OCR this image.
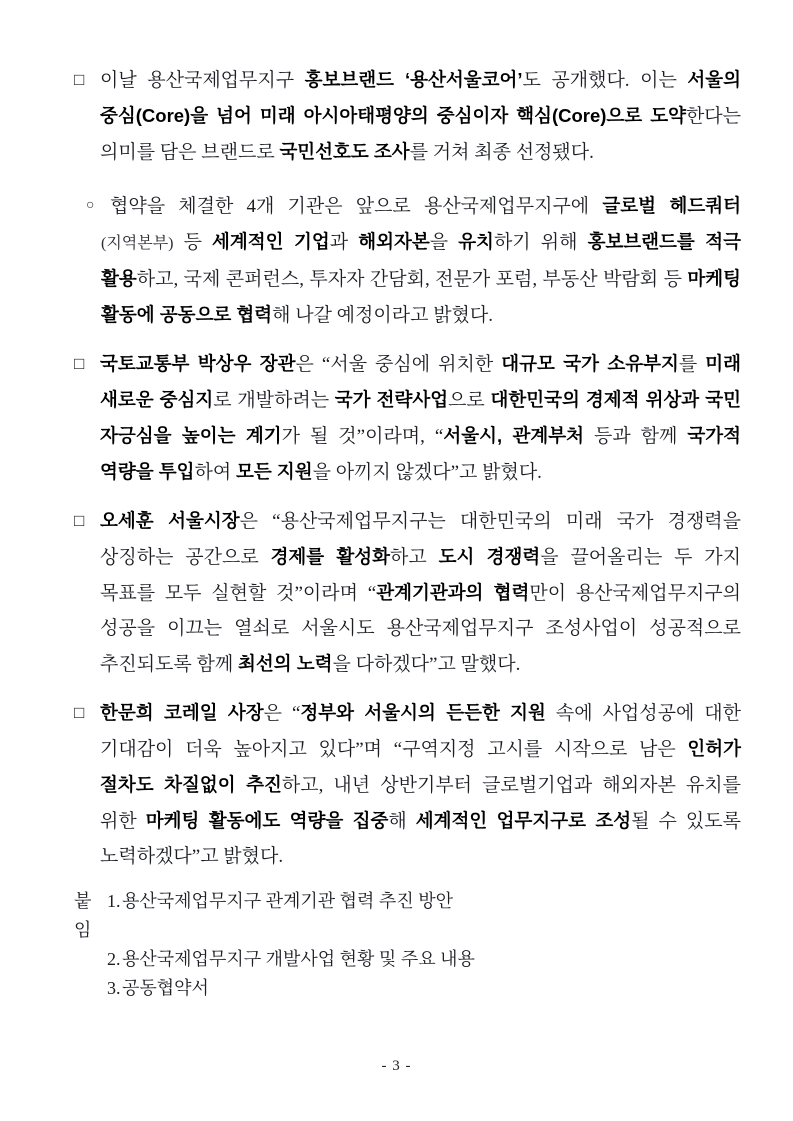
□ 이날 용산국제업무지구 홍보브랜드 ‘용산서울코어’도 공개했다. 이는 서울의 중심(Core)을 넘어 미래 아시아태평양의 중심이자 핵심(Core)으로 도약한다는 의미를 담은 브랜드로 국민선호도 조사를 거쳐 최종 선정됐다.
○ 협약을 체결한 4개 기관은 앞으로 용산국제업무지구에 글로벌 헤드쿼터 (지역본부) 등 세계적인 기업과 해외자본을 유치하기 위해 홍보브랜드를 적극 활용하고, 국제 콘퍼런스, 투자자 간담회, 전문가 포럼, 부동산 박람회 등 마케팅 활동에 공동으로 협력해 나갈 예정이라고 밝혔다.
□ 국토교통부 박상우 장관은 “서울 중심에 위치한 대규모 국가 소유부지를 미래 새로운 중심지로 개발하려는 국가 전략사업으로 대한민국의 경제적 위상과 국민 자긍심을 높이는 계기가 될 것”이라며, “서울시, 관계부처 등과 함께 국가적 역량을 투입하여 모든 지원을 아끼지 않겠다”고 밝혔다.
□ 오세훈 서울시장은 “용산국제업무지구는 대한민국의 미래 국가 경쟁력을 상징하는 공간으로 경제를 활성화하고 도시 경쟁력을 끌어올리는 두 가지 목표를 모두 실현할 것”이라며 “관계기관과의 협력만이 용산국제업무지구의 성공을 이끄는 열쇠로 서울시도 용산국제업무지구 조성사업이 성공적으로 추진되도록 함께 최선의 노력을 다하겠다”고 말했다.
□ 한문희 코레일 사장은 “정부와 서울시의 든든한 지원 속에 사업성공에 대한 기대감이 더욱 높아지고 있다”며 “구역지정 고시를 시작으로 남은 인허가 절차도 차질없이 추진하고, 내년 상반기부터 글로벌기업과 해외자본 유치를 위한 마케팅 활동에도 역량을 집중해 세계적인 업무지구로 조성될 수 있도록 노력하겠다”고 밝혔다.
붙임
1. 용산국제업무지구 관계기관 협력 추진 방안
2. 용산국제업무지구 개발사업 현황 및 주요 내용
3. 공동협약서
- 3 -
